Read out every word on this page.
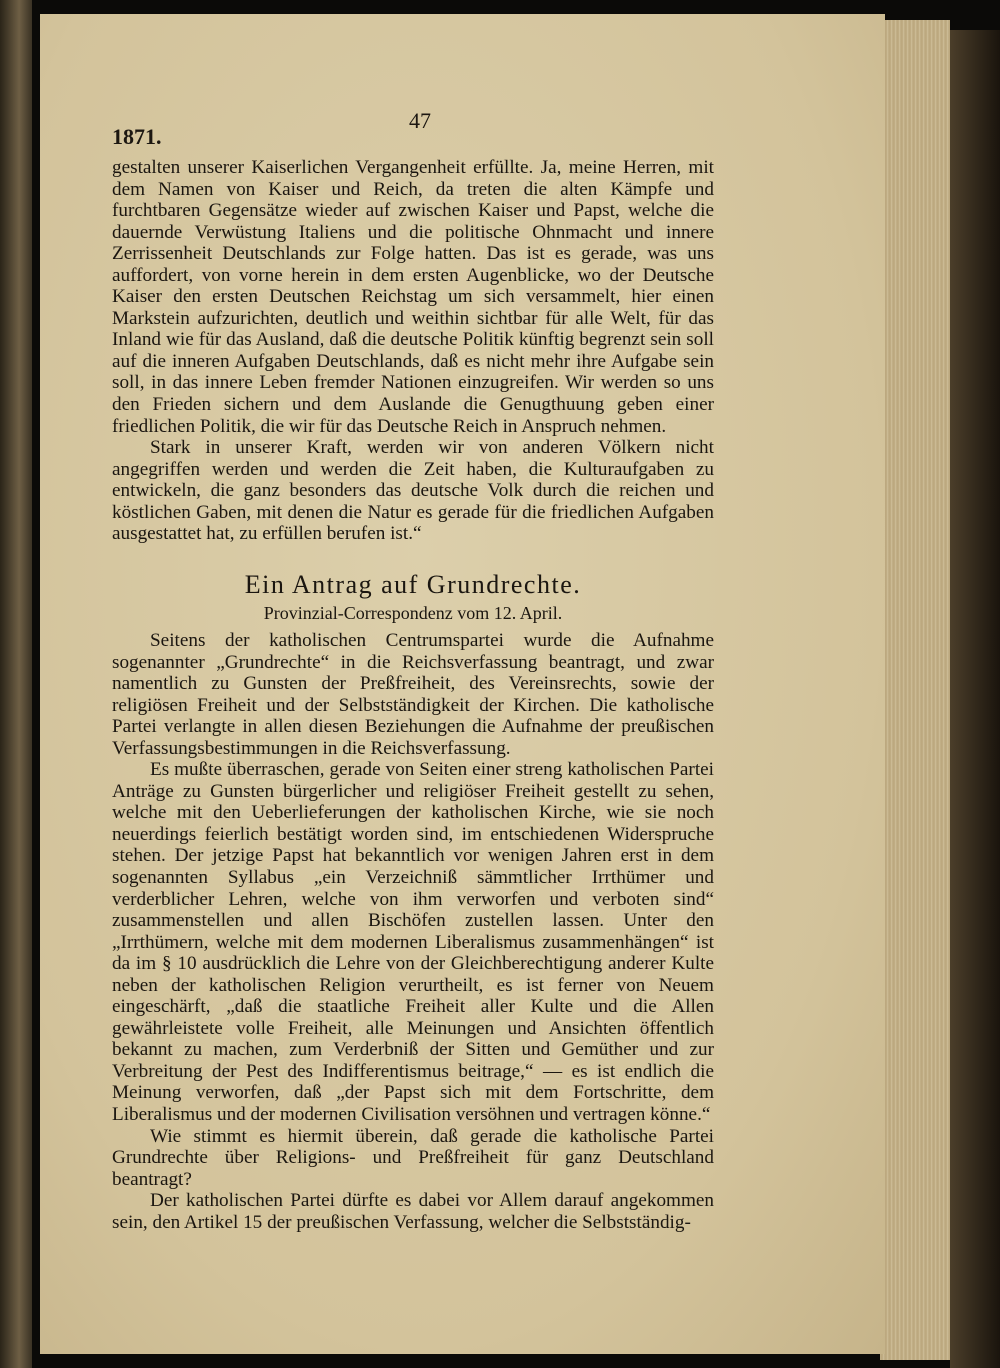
47
1871.

gestalten unserer Kaiserlichen Vergangenheit erfüllte. Ja, meine Herren, mit dem Namen von Kaiser und Reich, da treten die alten Kämpfe und furchtbaren Gegensätze wieder auf zwischen Kaiser und Papst, welche die dauernde Verwüstung Italiens und die politische Ohnmacht und innere Zerrissenheit Deutschlands zur Folge hatten. Das ist es gerade, was uns auffordert, von vorne herein in dem ersten Augenblicke, wo der Deutsche Kaiser den ersten Deutschen Reichstag um sich versammelt, hier einen Markstein aufzurichten, deutlich und weithin sichtbar für alle Welt, für das Inland wie für das Ausland, daß die deutsche Politik künftig begrenzt sein soll auf die inneren Aufgaben Deutschlands, daß es nicht mehr ihre Aufgabe sein soll, in das innere Leben fremder Nationen einzugreifen. Wir werden so uns den Frieden sichern und dem Auslande die Genugthuung geben einer friedlichen Politik, die wir für das Deutsche Reich in Anspruch nehmen.

Stark in unserer Kraft, werden wir von anderen Völkern nicht angegriffen werden und werden die Zeit haben, die Kulturaufgaben zu entwickeln, die ganz besonders das deutsche Volk durch die reichen und köstlichen Gaben, mit denen die Natur es gerade für die friedlichen Aufgaben ausgestattet hat, zu erfüllen berufen ist.“

Ein Antrag auf Grundrechte.
Provinzial-Correspondenz vom 12. April.

Seitens der katholischen Centrumspartei wurde die Aufnahme sogenannter „Grundrechte“ in die Reichsverfassung beantragt, und zwar namentlich zu Gunsten der Preßfreiheit, des Vereinsrechts, sowie der religiösen Freiheit und der Selbstständigkeit der Kirchen. Die katholische Partei verlangte in allen diesen Beziehungen die Aufnahme der preußischen Verfassungsbestimmungen in die Reichsverfassung.

Es mußte überraschen, gerade von Seiten einer streng katholischen Partei Anträge zu Gunsten bürgerlicher und religiöser Freiheit gestellt zu sehen, welche mit den Ueberlieferungen der katholischen Kirche, wie sie noch neuerdings feierlich bestätigt worden sind, im entschiedenen Widerspruche stehen. Der jetzige Papst hat bekanntlich vor wenigen Jahren erst in dem sogenannten Syllabus „ein Verzeichniß sämmtlicher Irrthümer und verderblicher Lehren, welche von ihm verworfen und verboten sind“ zusammenstellen und allen Bischöfen zustellen lassen. Unter den „Irrthümern, welche mit dem modernen Liberalismus zusammenhängen“ ist da im § 10 ausdrücklich die Lehre von der Gleichberechtigung anderer Kulte neben der katholischen Religion verurtheilt, es ist ferner von Neuem eingeschärft, „daß die staatliche Freiheit aller Kulte und die Allen gewährleistete volle Freiheit, alle Meinungen und Ansichten öffentlich bekannt zu machen, zum Verderbniß der Sitten und Gemüther und zur Verbreitung der Pest des Indifferentismus beitrage,“ — es ist endlich die Meinung verworfen, daß „der Papst sich mit dem Fortschritte, dem Liberalismus und der modernen Civilisation versöhnen und vertragen könne.“

Wie stimmt es hiermit überein, daß gerade die katholische Partei Grundrechte über Religions- und Preßfreiheit für ganz Deutschland beantragt?

Der katholischen Partei dürfte es dabei vor Allem darauf angekommen sein, den Artikel 15 der preußischen Verfassung, welcher die Selbstständig-
